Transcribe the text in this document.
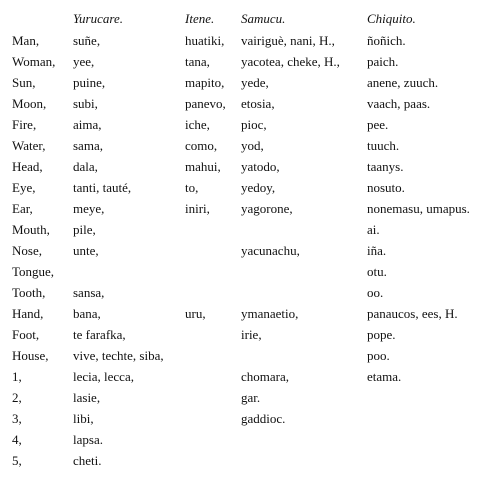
	Yurucare.	Itene.	Samucu.	Chiquito.
Man,	suñe,	huatiki,	vairiguè, nani, H.,	ñoñich.
Woman,	yee,	tana,	yacotea, cheke, H.,	paich.
Sun,	puine,	mapito,	yede,	anene, zuuch.
Moon,	subi,	panevo,	etosia,	vaach, paas.
Fire,	aima,	iche,	pioc,	pee.
Water,	sama,	como,	yod,	tuuch.
Head,	dala,	mahui,	yatodo,	taanys.
Eye,	tanti, tauté,	to,	yedoy,	nosuto.
Ear,	meye,	iniri,	yagorone,	nonemasu, umapus.
Mouth,	pile,			ai.
Nose,	unte,		yacunachu,	iña.
Tongue,				otu.
Tooth,	sansa,			oo.
Hand,	bana,	uru,	ymanaetio,	panaucos, ees, H.
Foot,	te farafka,		irie,	pope.
House,	vive, techte, siba,			poo.
1,	lecia, lecca,		chomara,	etama.
2,	lasie,		gar.	
3,	libi,		gaddioc.	
4,	lapsa.			
5,	cheti.			
